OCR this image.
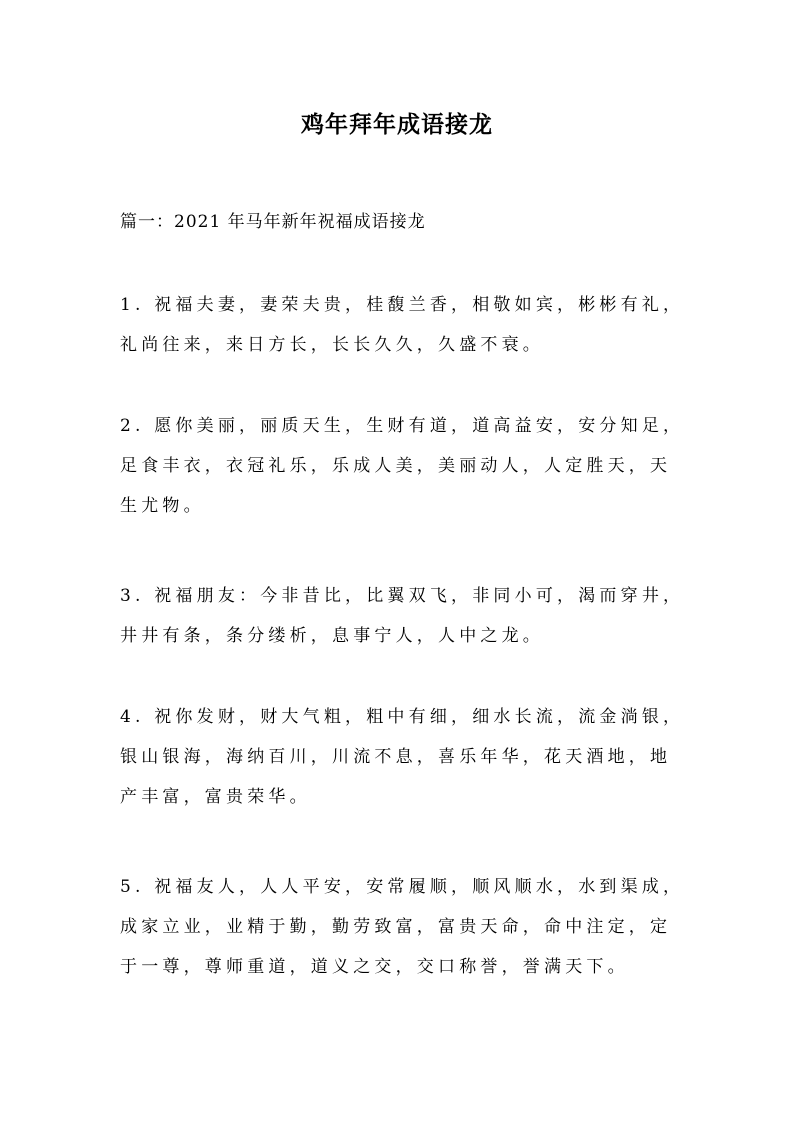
鸡年拜年成语接龙
篇一：2021 年马年新年祝福成语接龙
1. 祝福夫妻，妻荣夫贵，桂馥兰香，相敬如宾，彬彬有礼，
礼尚往来，来日方长，长长久久，久盛不衰。
2. 愿你美丽，丽质天生，生财有道，道高益安，安分知足，
足食丰衣，衣冠礼乐，乐成人美，美丽动人，人定胜天，天
生尤物。
3. 祝福朋友：今非昔比，比翼双飞，非同小可，渴而穿井，
井井有条，条分缕析，息事宁人，人中之龙。
4. 祝你发财，财大气粗，粗中有细，细水长流，流金淌银，
银山银海，海纳百川，川流不息，喜乐年华，花天酒地，地
产丰富，富贵荣华。
5. 祝福友人，人人平安，安常履顺，顺风顺水，水到渠成，
成家立业，业精于勤，勤劳致富，富贵天命，命中注定，定
于一尊，尊师重道，道义之交，交口称誉，誉满天下。
